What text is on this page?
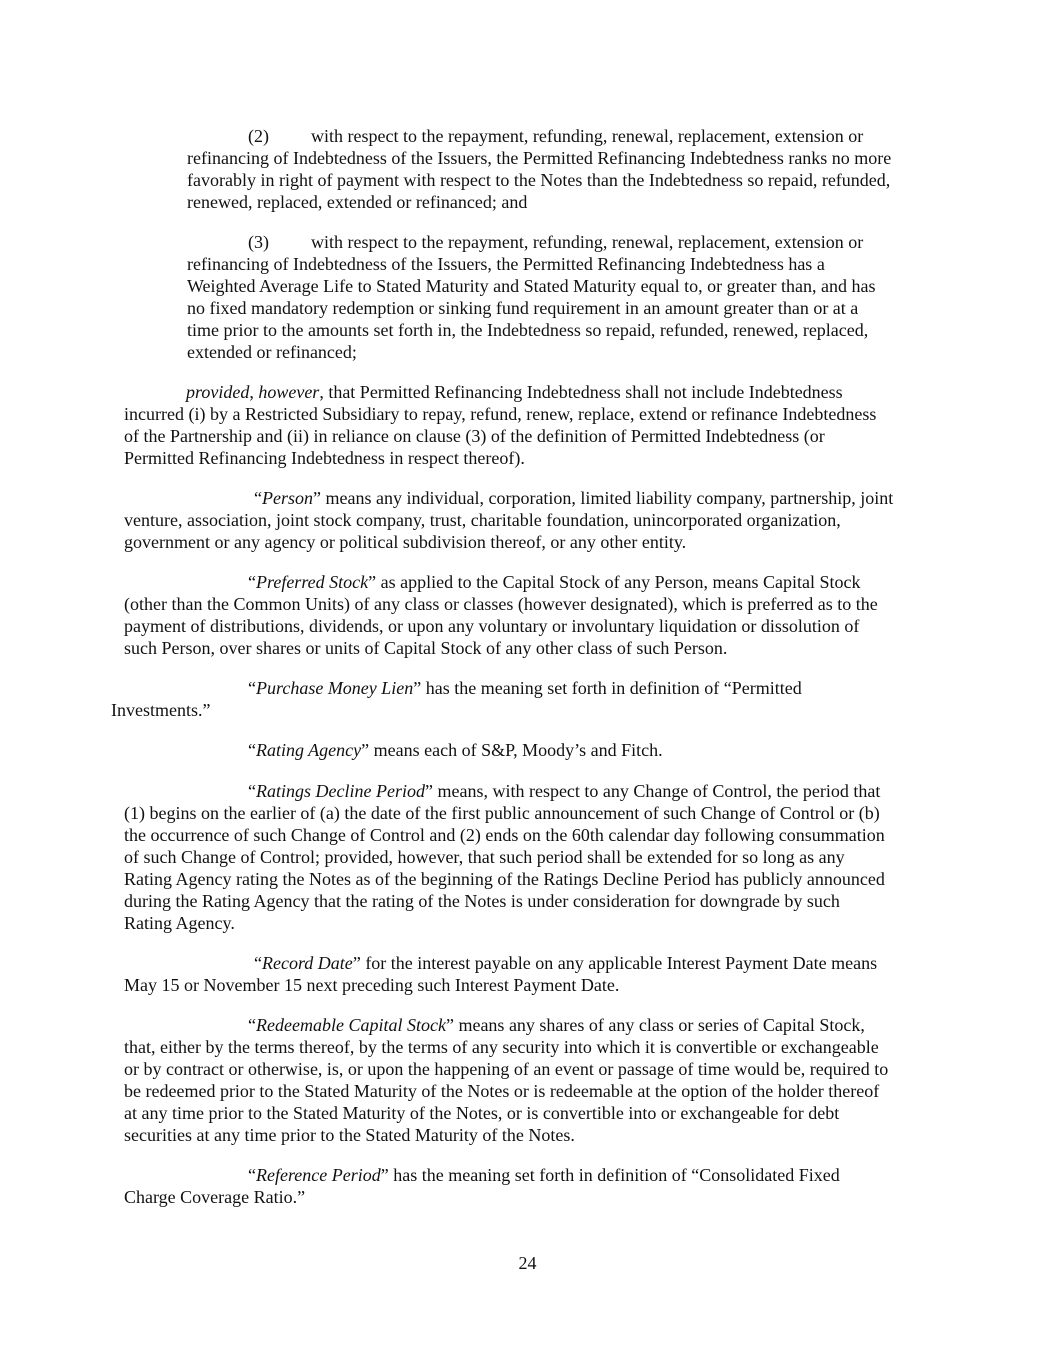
(2) with respect to the repayment, refunding, renewal, replacement, extension or
refinancing of Indebtedness of the Issuers, the Permitted Refinancing Indebtedness ranks no more
favorably in right of payment with respect to the Notes than the Indebtedness so repaid, refunded,
renewed, replaced, extended or refinanced; and
(3) with respect to the repayment, refunding, renewal, replacement, extension or
refinancing of Indebtedness of the Issuers, the Permitted Refinancing Indebtedness has a
Weighted Average Life to Stated Maturity and Stated Maturity equal to, or greater than, and has
no fixed mandatory redemption or sinking fund requirement in an amount greater than or at a
time prior to the amounts set forth in, the Indebtedness so repaid, refunded, renewed, replaced,
extended or refinanced;
provided, however, that Permitted Refinancing Indebtedness shall not include Indebtedness
incurred (i) by a Restricted Subsidiary to repay, refund, renew, replace, extend or refinance Indebtedness
of the Partnership and (ii) in reliance on clause (3) of the definition of Permitted Indebtedness (or
Permitted Refinancing Indebtedness in respect thereof).
“Person” means any individual, corporation, limited liability company, partnership, joint
venture, association, joint stock company, trust, charitable foundation, unincorporated organization,
government or any agency or political subdivision thereof, or any other entity.
“Preferred Stock” as applied to the Capital Stock of any Person, means Capital Stock
(other than the Common Units) of any class or classes (however designated), which is preferred as to the
payment of distributions, dividends, or upon any voluntary or involuntary liquidation or dissolution of
such Person, over shares or units of Capital Stock of any other class of such Person.
“Purchase Money Lien” has the meaning set forth in definition of “Permitted
Investments.”
“Rating Agency” means each of S&P, Moody’s and Fitch.
“Ratings Decline Period” means, with respect to any Change of Control, the period that
(1) begins on the earlier of (a) the date of the first public announcement of such Change of Control or (b)
the occurrence of such Change of Control and (2) ends on the 60th calendar day following consummation
of such Change of Control; provided, however, that such period shall be extended for so long as any
Rating Agency rating the Notes as of the beginning of the Ratings Decline Period has publicly announced
during the Rating Agency that the rating of the Notes is under consideration for downgrade by such
Rating Agency.
“Record Date” for the interest payable on any applicable Interest Payment Date means
May 15 or November 15 next preceding such Interest Payment Date.
“Redeemable Capital Stock” means any shares of any class or series of Capital Stock,
that, either by the terms thereof, by the terms of any security into which it is convertible or exchangeable
or by contract or otherwise, is, or upon the happening of an event or passage of time would be, required to
be redeemed prior to the Stated Maturity of the Notes or is redeemable at the option of the holder thereof
at any time prior to the Stated Maturity of the Notes, or is convertible into or exchangeable for debt
securities at any time prior to the Stated Maturity of the Notes.
“Reference Period” has the meaning set forth in definition of “Consolidated Fixed
Charge Coverage Ratio.”
24
